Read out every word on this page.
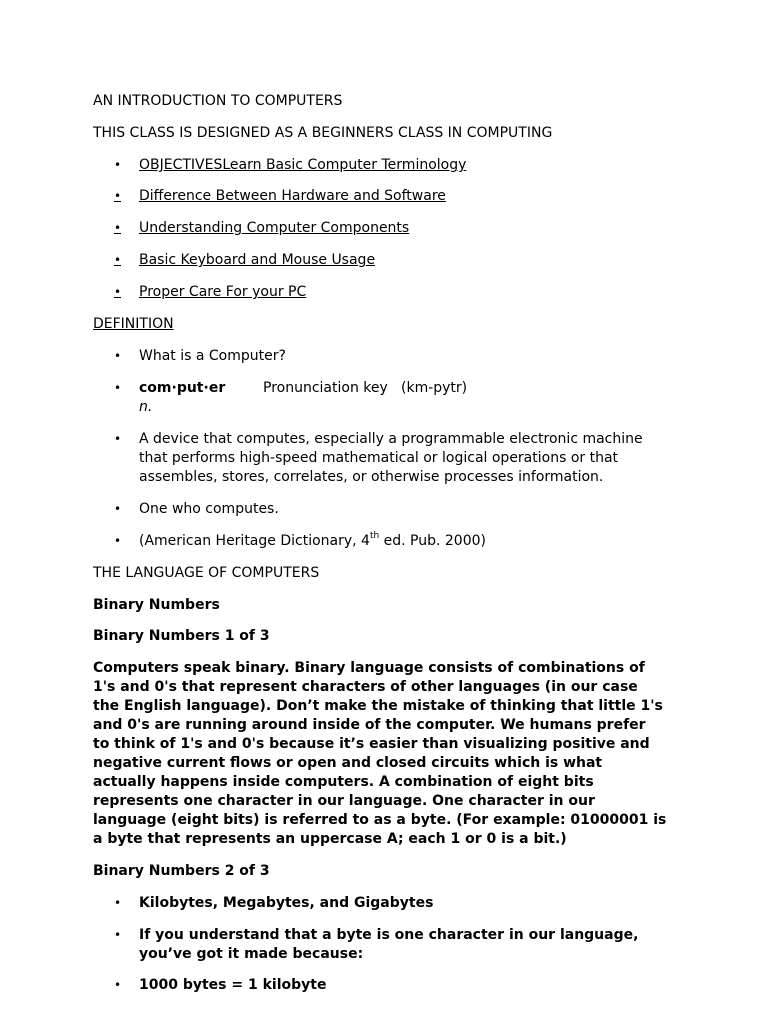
AN INTRODUCTION TO COMPUTERS

THIS CLASS IS DESIGNED AS A BEGINNERS CLASS IN COMPUTING

•	OBJECTIVESLearn Basic Computer Terminology
•	Difference Between Hardware and Software
•	Understanding Computer Components
•	Basic Keyboard and Mouse Usage
•	Proper Care For your PC

DEFINITION

•	What is a Computer?
•	com·put·er	Pronunciation key (km-pytr)
n.
•	A device that computes, especially a programmable electronic machine
that performs high-speed mathematical or logical operations or that
assembles, stores, correlates, or otherwise processes information.
•	One who computes.
•	(American Heritage Dictionary, 4th ed. Pub. 2000)

THE LANGUAGE OF COMPUTERS

Binary Numbers

Binary Numbers 1 of 3

Computers speak binary. Binary language consists of combinations of
1's and 0's that represent characters of other languages (in our case
the English language). Don’t make the mistake of thinking that little 1's
and 0's are running around inside of the computer. We humans prefer
to think of 1's and 0's because it’s easier than visualizing positive and
negative current flows or open and closed circuits which is what
actually happens inside computers. A combination of eight bits
represents one character in our language. One character in our
language (eight bits) is referred to as a byte. (For example: 01000001 is
a byte that represents an uppercase A; each 1 or 0 is a bit.)

Binary Numbers 2 of 3

•	Kilobytes, Megabytes, and Gigabytes
•	If you understand that a byte is one character in our language,
you’ve got it made because:
•	1000 bytes = 1 kilobyte
